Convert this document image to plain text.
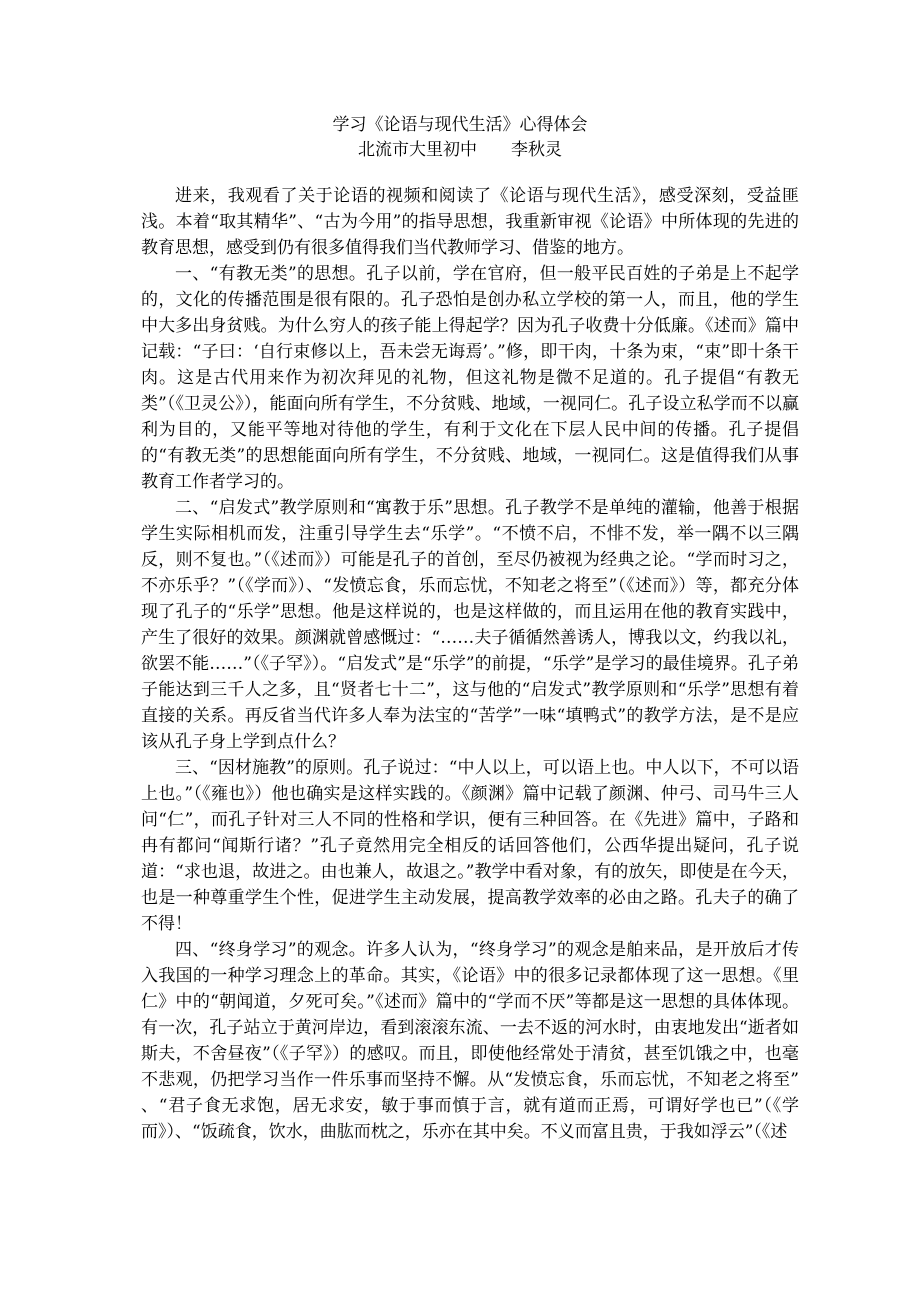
学习《论语与现代生活》心得体会
北流市大里初中 李秋灵

进来，我观看了关于论语的视频和阅读了《论语与现代生活》，感受深刻，受益匪浅。本着“取其精华”、“古为今用”的指导思想，我重新审视《论语》中所体现的先进的教育思想，感受到仍有很多值得我们当代教师学习、借鉴的地方。

一、“有教无类”的思想。孔子以前，学在官府，但一般平民百姓的子弟是上不起学的，文化的传播范围是很有限的。孔子恐怕是创办私立学校的第一人，而且，他的学生中大多出身贫贱。为什么穷人的孩子能上得起学？因为孔子收费十分低廉。《述而》篇中记载：“子曰：‘自行束修以上，吾未尝无诲焉’。”修，即干肉，十条为束，“束”即十条干肉。这是古代用来作为初次拜见的礼物，但这礼物是微不足道的。孔子提倡“有教无类”（《卫灵公》），能面向所有学生，不分贫贱、地域，一视同仁。孔子设立私学而不以赢利为目的，又能平等地对待他的学生，有利于文化在下层人民中间的传播。孔子提倡的“有教无类”的思想能面向所有学生，不分贫贱、地域，一视同仁。这是值得我们从事教育工作者学习的。

二、“启发式”教学原则和“寓教于乐”思想。孔子教学不是单纯的灌输，他善于根据学生实际相机而发，注重引导学生去“乐学”。“不愤不启，不悱不发，举一隅不以三隅反，则不复也。”（《述而》）可能是孔子的首创，至尽仍被视为经典之论。“学而时习之，不亦乐乎？”（《学而》）、“发愤忘食，乐而忘忧，不知老之将至”（《述而》）等，都充分体现了孔子的“乐学”思想。他是这样说的，也是这样做的，而且运用在他的教育实践中，产生了很好的效果。颜渊就曾感慨过：“……夫子循循然善诱人，博我以文，约我以礼，欲罢不能……”（《子罕》）。“启发式”是“乐学”的前提，“乐学”是学习的最佳境界。孔子弟子能达到三千人之多，且“贤者七十二”，这与他的“启发式”教学原则和“乐学”思想有着直接的关系。再反省当代许多人奉为法宝的“苦学”一味“填鸭式”的教学方法，是不是应该从孔子身上学到点什么？

三、“因材施教”的原则。孔子说过：“中人以上，可以语上也。中人以下，不可以语上也。”（《雍也》）他也确实是这样实践的。《颜渊》篇中记载了颜渊、仲弓、司马牛三人问“仁”，而孔子针对三人不同的性格和学识，便有三种回答。在《先进》篇中，子路和冉有都问“闻斯行诸？”孔子竟然用完全相反的话回答他们，公西华提出疑问，孔子说道：“求也退，故进之。由也兼人，故退之。”教学中看对象，有的放矢，即使是在今天，也是一种尊重学生个性，促进学生主动发展，提高教学效率的必由之路。孔夫子的确了不得！

四、“终身学习”的观念。许多人认为，“终身学习”的观念是舶来品，是开放后才传入我国的一种学习理念上的革命。其实，《论语》中的很多记录都体现了这一思想。《里仁》中的“朝闻道，夕死可矣。”《述而》篇中的“学而不厌”等都是这一思想的具体体现。有一次，孔子站立于黄河岸边，看到滚滚东流、一去不返的河水时，由衷地发出“逝者如斯夫，不舍昼夜”（《子罕》）的感叹。而且，即使他经常处于清贫，甚至饥饿之中，也毫不悲观，仍把学习当作一件乐事而坚持不懈。从“发愤忘食，乐而忘忧，不知老之将至” 、“君子食无求饱，居无求安，敏于事而慎于言，就有道而正焉，可谓好学也已”（《学而》）、“饭疏食，饮水，曲肱而枕之，乐亦在其中矣。不义而富且贵，于我如浮云”（《述
